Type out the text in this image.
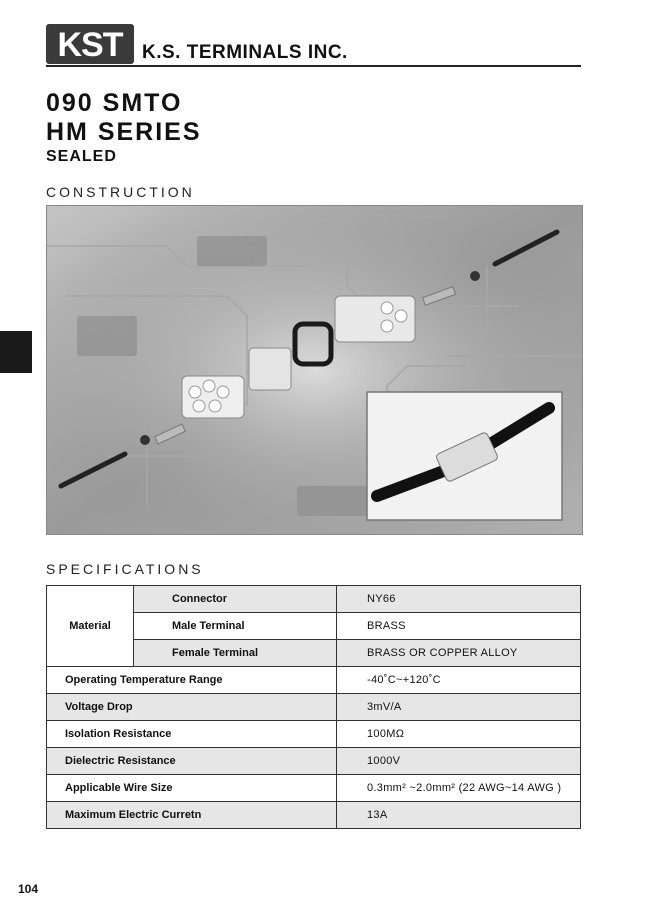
KST K.S. TERMINALS INC.
090 SMTO
HM SERIES
SEALED
CONSTRUCTION
SPECIFICATIONS
Material	Connector	NY66
	Male Terminal	BRASS
	Female Terminal	BRASS OR COPPER ALLOY
Operating Temperature Range		-40˚C~+120˚C
Voltage Drop		3mV/A
Isolation Resistance		100MΩ
Dielectric Resistance		1000V
Applicable Wire Size		0.3mm² ~2.0mm² (22 AWG~14 AWG )
Maximum Electric Curretn		13A
104
